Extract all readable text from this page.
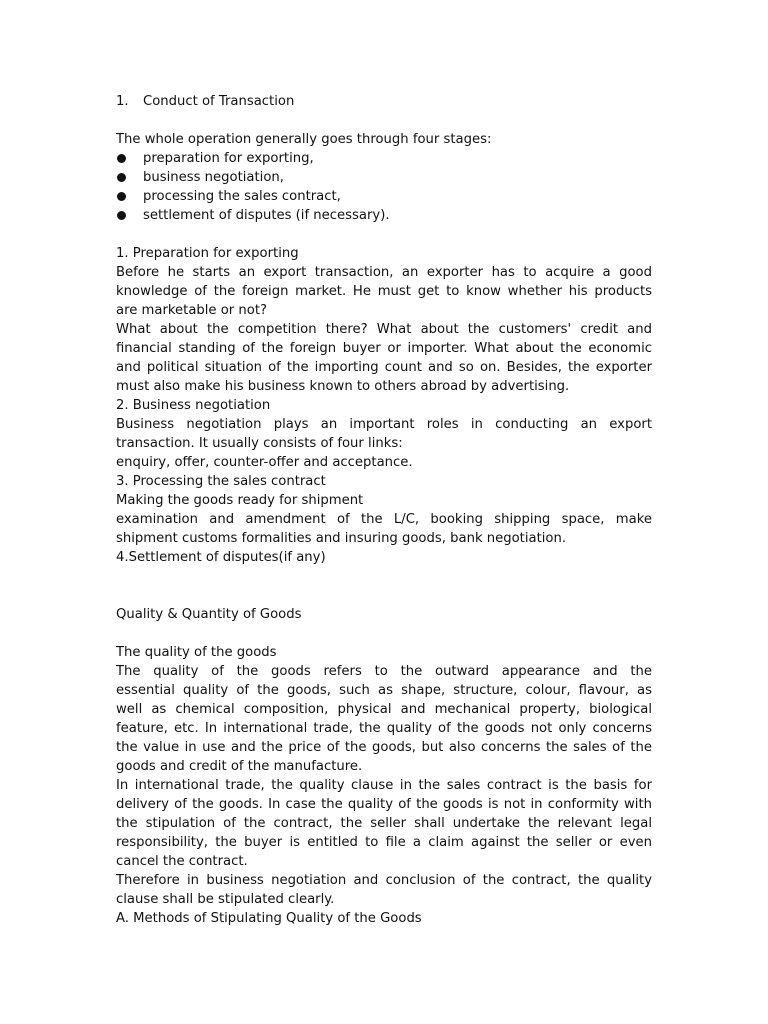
1. Conduct of Transaction
The whole operation generally goes through four stages:
preparation for exporting,
business negotiation,
processing the sales contract,
settlement of disputes (if necessary).
1. Preparation for exporting
Before he starts an export transaction, an exporter has to acquire a good
knowledge of the foreign market. He must get to know whether his products
are marketable or not?
What about the competition there? What about the customers' credit and
financial standing of the foreign buyer or importer. What about the economic
and political situation of the importing count and so on. Besides, the exporter
must also make his business known to others abroad by advertising.
2. Business negotiation
Business negotiation plays an important roles in conducting an export
transaction. It usually consists of four links:
enquiry, offer, counter-offer and acceptance.
3. Processing the sales contract
Making the goods ready for shipment
examination and amendment of the L/C, booking shipping space, make
shipment customs formalities and insuring goods, bank negotiation.
4.Settlement of disputes(if any)
Quality & Quantity of Goods
The quality of the goods
The quality of the goods refers to the outward appearance and the
essential quality of the goods, such as shape, structure, colour, flavour, as
well as chemical composition, physical and mechanical property, biological
feature, etc. In international trade, the quality of the goods not only concerns
the value in use and the price of the goods, but also concerns the sales of the
goods and credit of the manufacture.
In international trade, the quality clause in the sales contract is the basis for
delivery of the goods. In case the quality of the goods is not in conformity with
the stipulation of the contract, the seller shall undertake the relevant legal
responsibility, the buyer is entitled to file a claim against the seller or even
cancel the contract.
Therefore in business negotiation and conclusion of the contract, the quality
clause shall be stipulated clearly.
A. Methods of Stipulating Quality of the Goods
